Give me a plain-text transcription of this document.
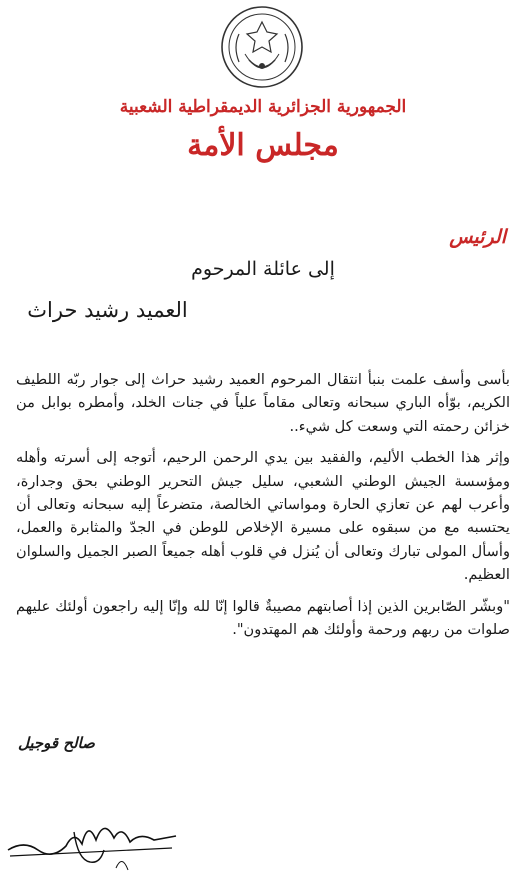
الجمهورية الجزائرية الديمقراطية الشعبية
مجلس الأمة
الرئيس
إلى عائلة المرحوم
العميد رشيد حراث

بأسى وأسف علمت بنبأ انتقال المرحوم العميد رشيد حراث إلى جوار ربّه اللطيف الكريم، بوّأه الباري سبحانه وتعالى مقاماً علياً في جنات الخلد، وأمطره بوابل من خزائن رحمته التي وسعت كل شيء..

وإثر هذا الخطب الأليم، والفقيد بين يدي الرحمن الرحيم، أتوجه إلى أسرته وأهله ومؤسسة الجيش الوطني الشعبي، سليل جيش التحرير الوطني بحق وجدارة، وأعرب لهم عن تعازي الحارة ومواساتي الخالصة، متضرعاً إليه سبحانه وتعالى أن يحتسبه مع من سبقوه على مسيرة الإخلاص للوطن في الجدّ والمثابرة والعمل، وأسأل المولى تبارك وتعالى أن يُنزل في قلوب أهله جميعاً الصبر الجميل والسلوان العظيم.

"وبشّر الصّابرين الذين إذا أصابتهم مصيبةٌ قالوا إنّا لله وإنّا إليه راجعون أولئك عليهم صلوات من ربهم ورحمة وأولئك هم المهتدون".

صالح قوجيل
